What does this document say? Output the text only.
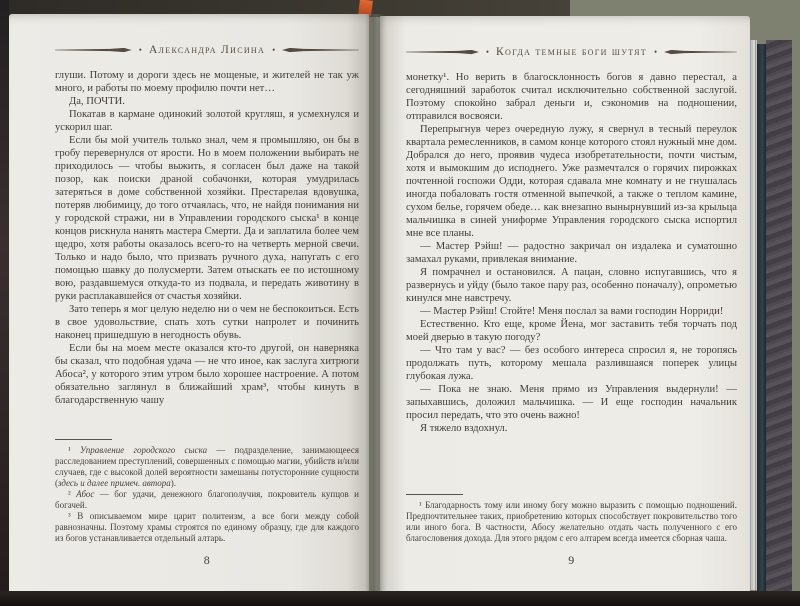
• Александра Лисина •

глуши. Потому и дороги здесь не мощеные, и жителей не так уж много, и работы по моему профилю почти нет…

Да, ПОЧТИ.

Покатав в кармане одинокий золотой кругляш, я усмехнулся и ускорил шаг.

Если бы мой учитель только знал, чем я промышляю, он бы в гробу перевернулся от ярости. Но в моем положении выбирать не приходилось — чтобы выжить, я согласен был даже на такой позор, как поиски драной собачонки, которая умудрилась затеряться в доме собственной хозяйки. Престарелая вдовушка, потеряв любимицу, до того отчаялась, что, не найдя понимания ни у городской стражи, ни в Управлении городского сыска¹ в конце концов рискнула нанять мастера Смерти. Да и заплатила более чем щедро, хотя работы оказалось всего-то на четверть мерной свечи. Только и надо было, что призвать ручного духа, напугать с его помощью шавку до полусмерти. Затем отыскать ее по истошному вою, раздавшемуся откуда-то из подвала, и передать животину в руки расплакавшейся от счастья хозяйки.

Зато теперь я мог целую неделю ни о чем не беспокоиться. Есть в свое удовольствие, спать хоть сутки напролет и починить наконец пришедшую в негодность обувь.

Если бы на моем месте оказался кто-то другой, он наверняка бы сказал, что подобная удача — не что иное, как заслуга хитрюги Абоса², у которого этим утром было хорошее настроение. А потом обязательно заглянул в ближайший храм³, чтобы кинуть в благодарственную чашу

¹ Управление городского сыска — подразделение, занимающееся расследованием преступлений, совершенных с помощью магии, убийств и/или случаев, где с высокой долей вероятности замешаны потусторонние сущности (здесь и далее примеч. автора).

² Абос — бог удачи, денежного благополучия, покровитель купцов и богачей.

³ В описываемом мире царит политеизм, а все боги между собой равнозначны. Поэтому храмы строятся по единому образцу, где для каждого из богов устанавливается отдельный алтарь.

8
• Когда темные боги шутят •

монетку¹. Но верить в благосклонность богов я давно перестал, а сегодняшний заработок считал исключительно собственной заслугой. Поэтому спокойно забрал деньги и, сэкономив на подношении, отправился восвояси.

Перепрыгнув через очередную лужу, я свернул в тесный переулок квартала ремесленников, в самом конце которого стоял нужный мне дом. Добрался до него, проявив чудеса изобретательности, почти чистым, хотя и вымокшим до исподнего. Уже размечтался о горячих пирожках почтенной госпожи Одди, которая сдавала мне комнату и не гнушалась иногда побаловать гостя отменной выпечкой, а также о теплом камине, сухом белье, горячем обеде… как внезапно вынырнувший из-за крыльца мальчишка в синей униформе Управления городского сыска испортил мне все планы.

— Мастер Рэйш! — радостно закричал он издалека и суматошно замахал руками, привлекая внимание.

Я помрачнел и остановился. А пацан, словно испугавшись, что я развернусь и уйду (было такое пару раз, особенно поначалу), опрометью кинулся мне навстречу.

— Мастер Рэйш! Стойте! Меня послал за вами господин Норриди!

Естественно. Кто еще, кроме Йена, мог заставить тебя торчать под моей дверью в такую погоду?

— Что там у вас? — без особого интереса спросил я, не торопясь продолжать путь, которому мешала разлившаяся поперек улицы глубокая лужа.

— Пока не знаю. Меня прямо из Управления выдернули! — запыхавшись, доложил мальчишка. — И еще господин начальник просил передать, что это очень важно!

Я тяжело вздохнул.

¹ Благодарность тому или иному богу можно выразить с помощью подношений. Предпочтительнее таких, приобретению которых способствует покровительство того или иного бога. В частности, Абосу желательно отдать часть полученного с его благословения дохода. Для этого рядом с его алтарем всегда имеется сборная чаша.

9
